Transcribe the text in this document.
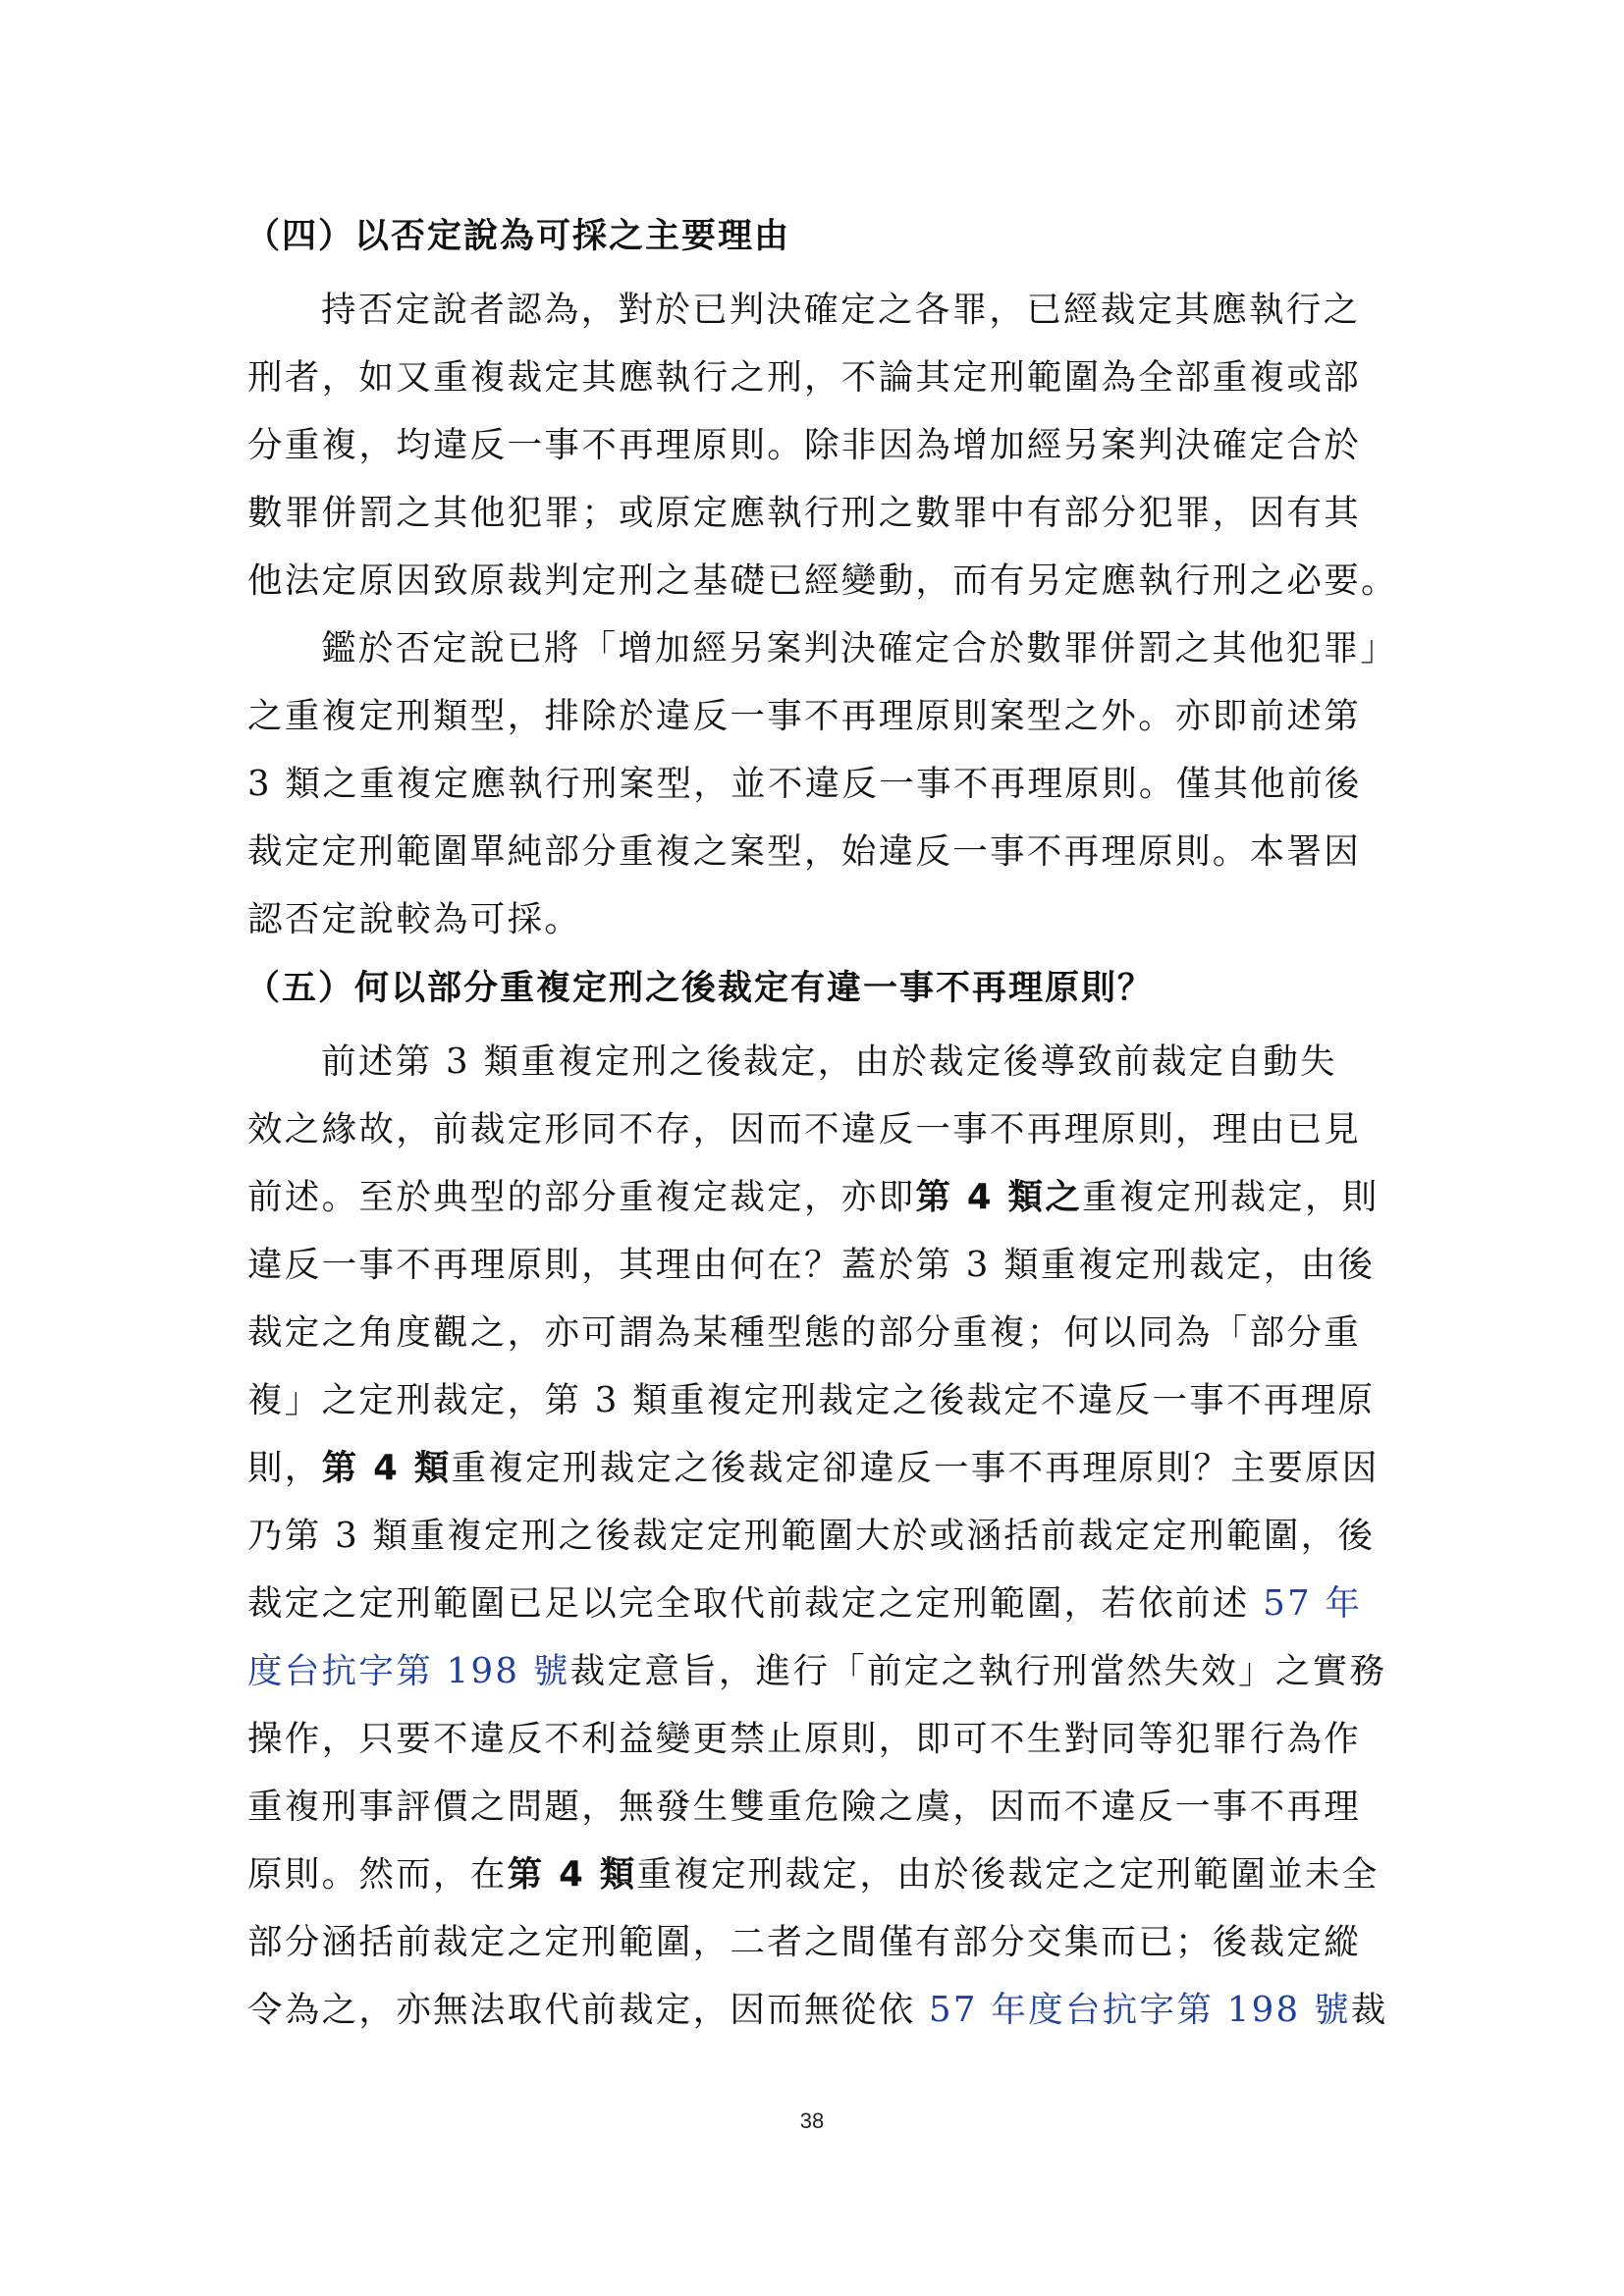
（四）以否定說為可採之主要理由
持否定說者認為，對於已判決確定之各罪，已經裁定其應執行之
刑者，如又重複裁定其應執行之刑，不論其定刑範圍為全部重複或部
分重複，均違反一事不再理原則。除非因為增加經另案判決確定合於
數罪併罰之其他犯罪；或原定應執行刑之數罪中有部分犯罪，因有其
他法定原因致原裁判定刑之基礎已經變動，而有另定應執行刑之必要。
鑑於否定說已將「增加經另案判決確定合於數罪併罰之其他犯罪」
之重複定刑類型，排除於違反一事不再理原則案型之外。亦即前述第
3 類之重複定應執行刑案型，並不違反一事不再理原則。僅其他前後
裁定定刑範圍單純部分重複之案型，始違反一事不再理原則。本署因
認否定說較為可採。
（五）何以部分重複定刑之後裁定有違一事不再理原則？
前述第 3 類重複定刑之後裁定，由於裁定後導致前裁定自動失
效之緣故，前裁定形同不存，因而不違反一事不再理原則，理由已見
前述。至於典型的部分重複定裁定，亦即第 4 類之重複定刑裁定，則
違反一事不再理原則，其理由何在？蓋於第 3 類重複定刑裁定，由後
裁定之角度觀之，亦可謂為某種型態的部分重複；何以同為「部分重
複」之定刑裁定，第 3 類重複定刑裁定之後裁定不違反一事不再理原
則，第 4 類重複定刑裁定之後裁定卻違反一事不再理原則？主要原因
乃第 3 類重複定刑之後裁定定刑範圍大於或涵括前裁定定刑範圍，後
裁定之定刑範圍已足以完全取代前裁定之定刑範圍，若依前述 57 年
度台抗字第 198 號裁定意旨，進行「前定之執行刑當然失效」之實務
操作，只要不違反不利益變更禁止原則，即可不生對同等犯罪行為作
重複刑事評價之問題，無發生雙重危險之虞，因而不違反一事不再理
原則。然而，在第 4 類重複定刑裁定，由於後裁定之定刑範圍並未全
部分涵括前裁定之定刑範圍，二者之間僅有部分交集而已；後裁定縱
令為之，亦無法取代前裁定，因而無從依 57 年度台抗字第 198 號裁
38
